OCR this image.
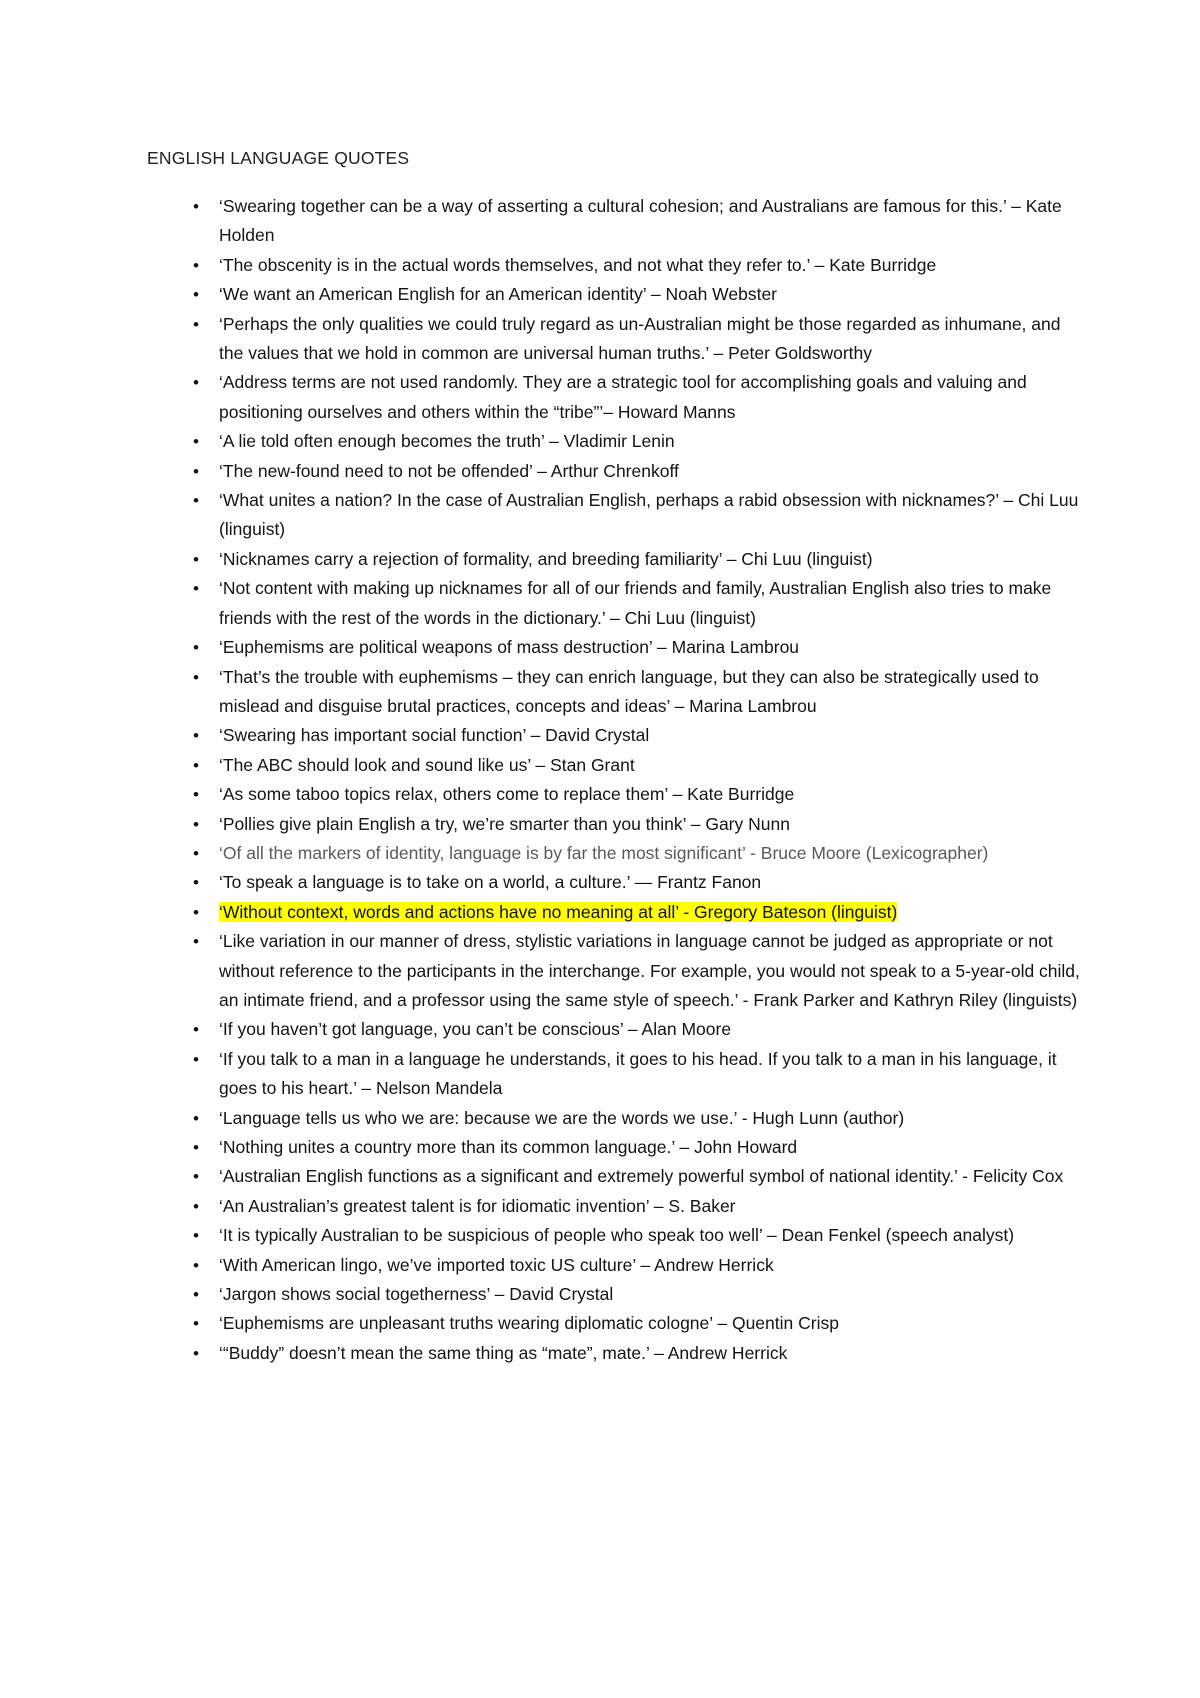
ENGLISH LANGUAGE QUOTES
• ‘Swearing together can be a way of asserting a cultural cohesion; and Australians are famous for this.’ – Kate Holden
• ‘The obscenity is in the actual words themselves, and not what they refer to.’ – Kate Burridge
• ‘We want an American English for an American identity’ – Noah Webster
• ‘Perhaps the only qualities we could truly regard as un-Australian might be those regarded as inhumane, and the values that we hold in common are universal human truths.’ – Peter Goldsworthy
• ‘Address terms are not used randomly. They are a strategic tool for accomplishing goals and valuing and positioning ourselves and others within the “tribe”’– Howard Manns
• ‘A lie told often enough becomes the truth’ – Vladimir Lenin
• ‘The new-found need to not be offended’ – Arthur Chrenkoff
• ‘What unites a nation? In the case of Australian English, perhaps a rabid obsession with nicknames?’ – Chi Luu (linguist)
• ‘Nicknames carry a rejection of formality, and breeding familiarity’ – Chi Luu (linguist)
• ‘Not content with making up nicknames for all of our friends and family, Australian English also tries to make friends with the rest of the words in the dictionary.’ – Chi Luu (linguist)
• ‘Euphemisms are political weapons of mass destruction’ – Marina Lambrou
• ‘That’s the trouble with euphemisms – they can enrich language, but they can also be strategically used to mislead and disguise brutal practices, concepts and ideas’ – Marina Lambrou
• ‘Swearing has important social function’ – David Crystal
• ‘The ABC should look and sound like us’ – Stan Grant
• ‘As some taboo topics relax, others come to replace them’ – Kate Burridge
• ‘Pollies give plain English a try, we’re smarter than you think’ – Gary Nunn
• ‘Of all the markers of identity, language is by far the most significant’ - Bruce Moore (Lexicographer)
• ‘To speak a language is to take on a world, a culture.’ — Frantz Fanon
• ‘Without context, words and actions have no meaning at all’ - Gregory Bateson (linguist)
• ‘Like variation in our manner of dress, stylistic variations in language cannot be judged as appropriate or not without reference to the participants in the interchange. For example, you would not speak to a 5-year-old child, an intimate friend, and a professor using the same style of speech.’ - Frank Parker and Kathryn Riley (linguists)
• ‘If you haven’t got language, you can’t be conscious’ – Alan Moore
• ‘If you talk to a man in a language he understands, it goes to his head. If you talk to a man in his language, it goes to his heart.’ – Nelson Mandela
• ‘Language tells us who we are: because we are the words we use.’ - Hugh Lunn (author)
• ‘Nothing unites a country more than its common language.’ – John Howard
• ‘Australian English functions as a significant and extremely powerful symbol of national identity.’ - Felicity Cox
• ‘An Australian’s greatest talent is for idiomatic invention’ – S. Baker
• ‘It is typically Australian to be suspicious of people who speak too well’ – Dean Fenkel (speech analyst)
• ‘With American lingo, we’ve imported toxic US culture’ – Andrew Herrick
• ‘Jargon shows social togetherness’ – David Crystal
• ‘Euphemisms are unpleasant truths wearing diplomatic cologne’ – Quentin Crisp
• ‘“Buddy” doesn’t mean the same thing as “mate”, mate.’ – Andrew Herrick
